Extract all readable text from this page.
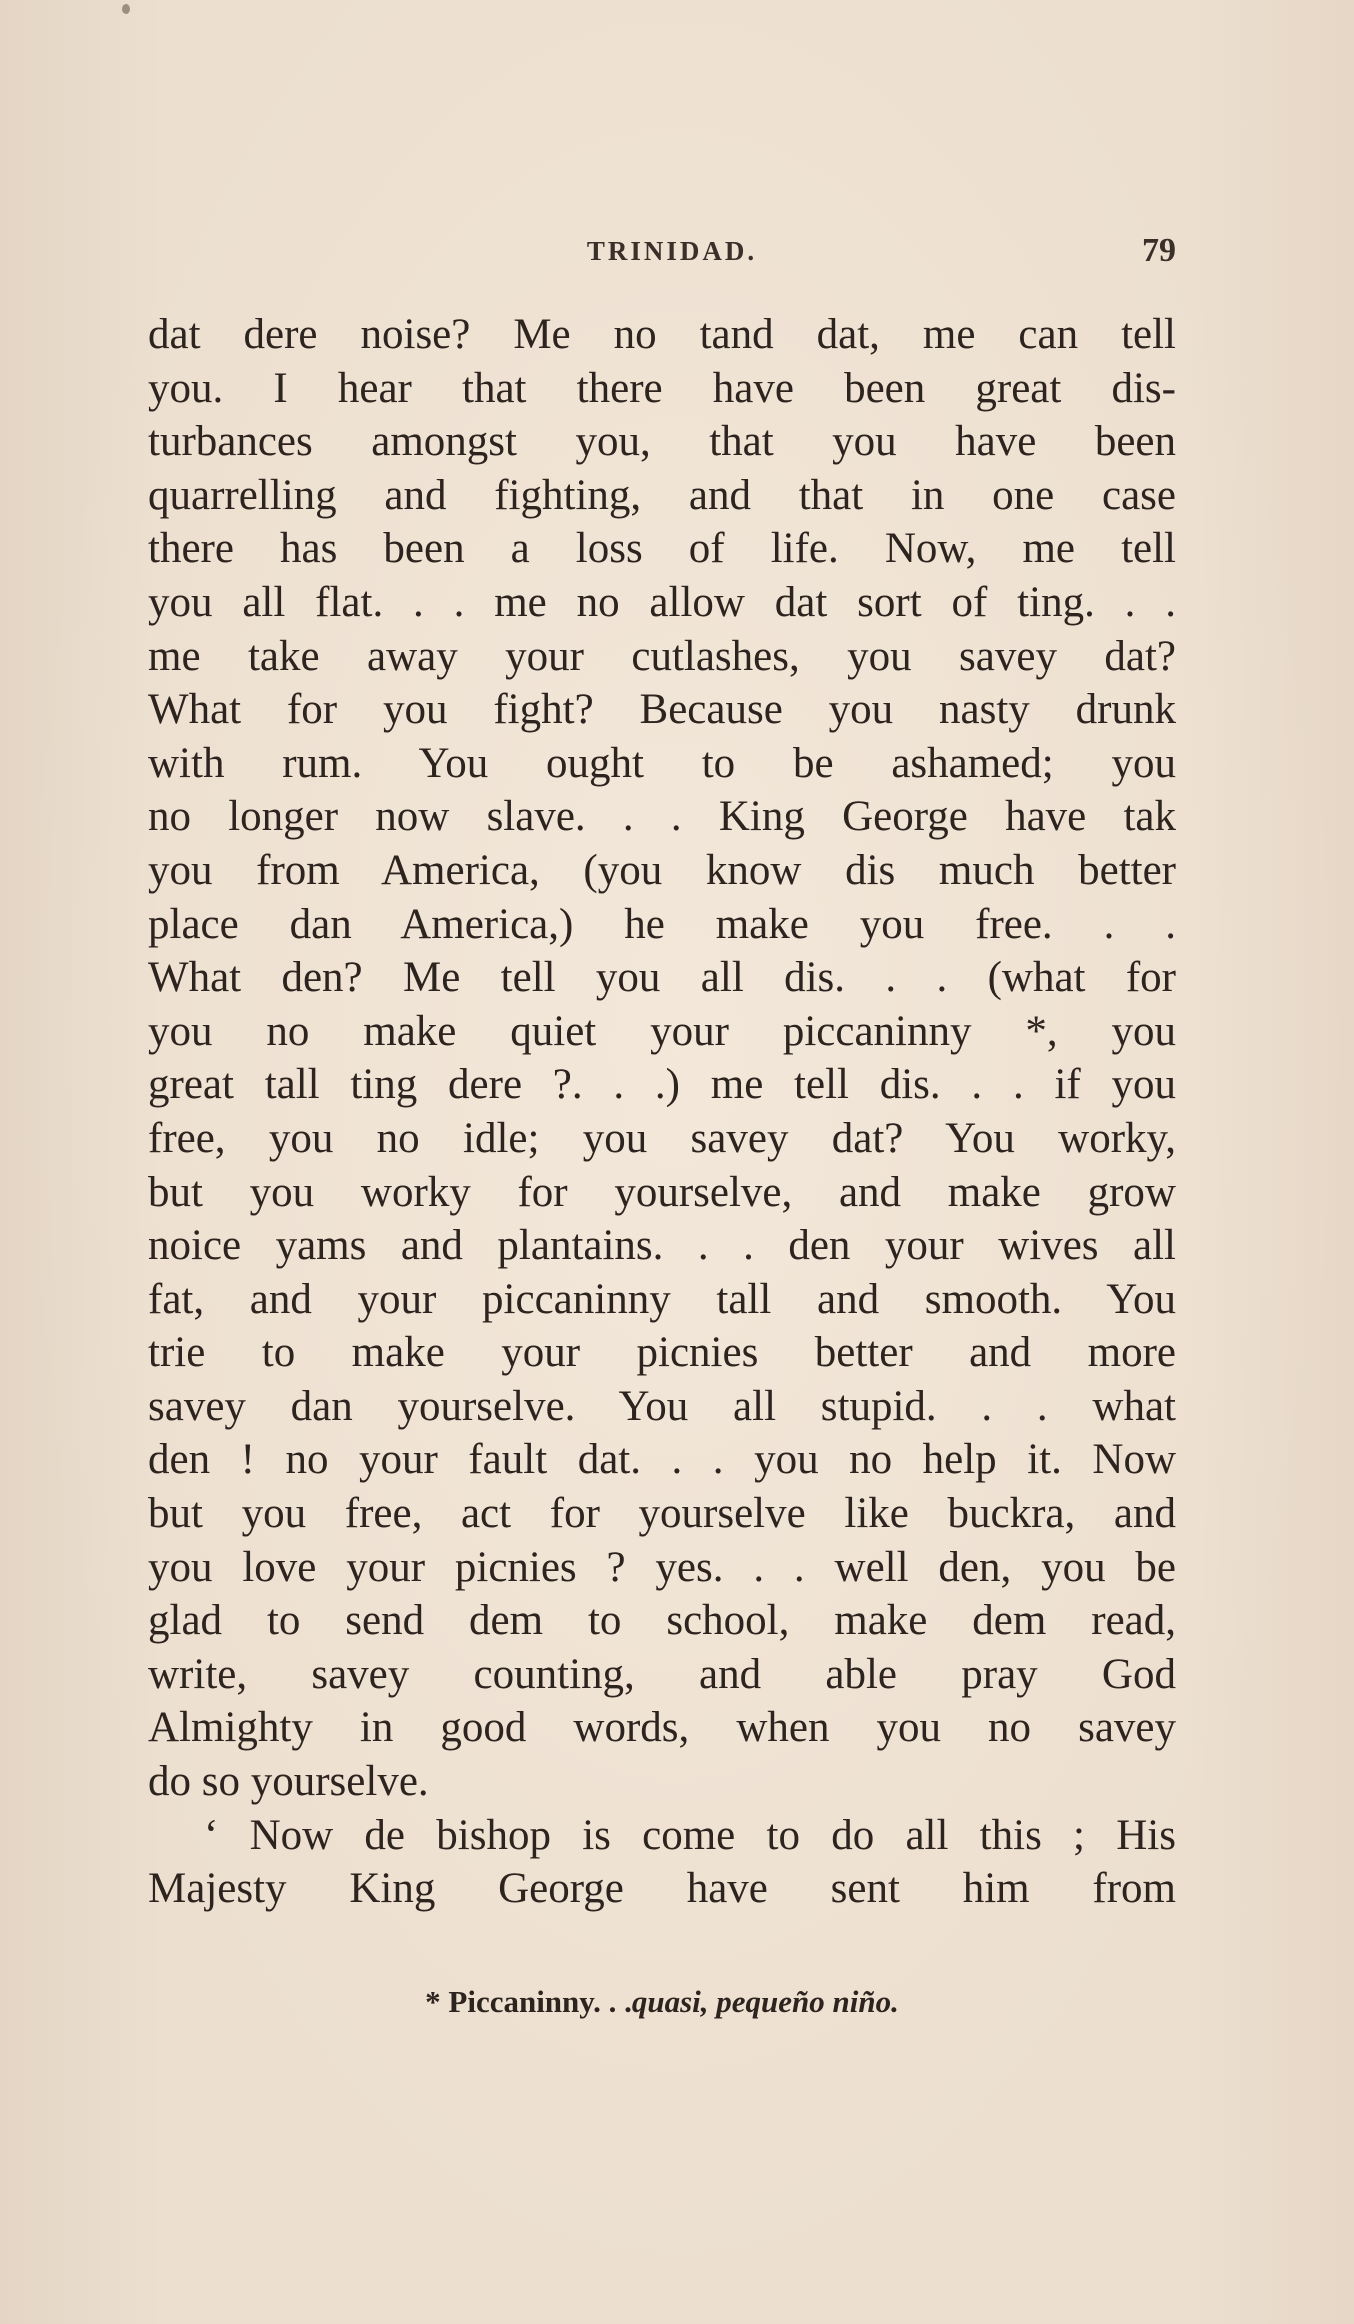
TRINIDAD.	79
dat dere noise? Me no tand dat, me can tell
you. I hear that there have been great dis-
turbances amongst you, that you have been
quarrelling and fighting, and that in one case
there has been a loss of life. Now, me tell
you all flat. . . me no allow dat sort of ting. . .
me take away your cutlashes, you savey dat?
What for you fight? Because you nasty drunk
with rum. You ought to be ashamed; you
no longer now slave. . . King George have tak
you from America, (you know dis much better
place dan America,) he make you free. . .
What den? Me tell you all dis. . . (what for
you no make quiet your piccaninny *, you
great tall ting dere ?. . .) me tell dis. . . if you
free, you no idle; you savey dat? You worky,
but you worky for yourselve, and make grow
noice yams and plantains. . . den your wives all
fat, and your piccaninny tall and smooth. You
trie to make your picnies better and more
savey dan yourselve. You all stupid. . . what
den ! no your fault dat. . . you no help it. Now
but you free, act for yourselve like buckra, and
you love your picnies ? yes. . . well den, you be
glad to send dem to school, make dem read,
write, savey counting, and able pray God
Almighty in good words, when you no savey
do so yourselve.
‘ Now de bishop is come to do all this ; His
Majesty King George have sent him from
* Piccaninny. . .quasi, pequeño niño.
